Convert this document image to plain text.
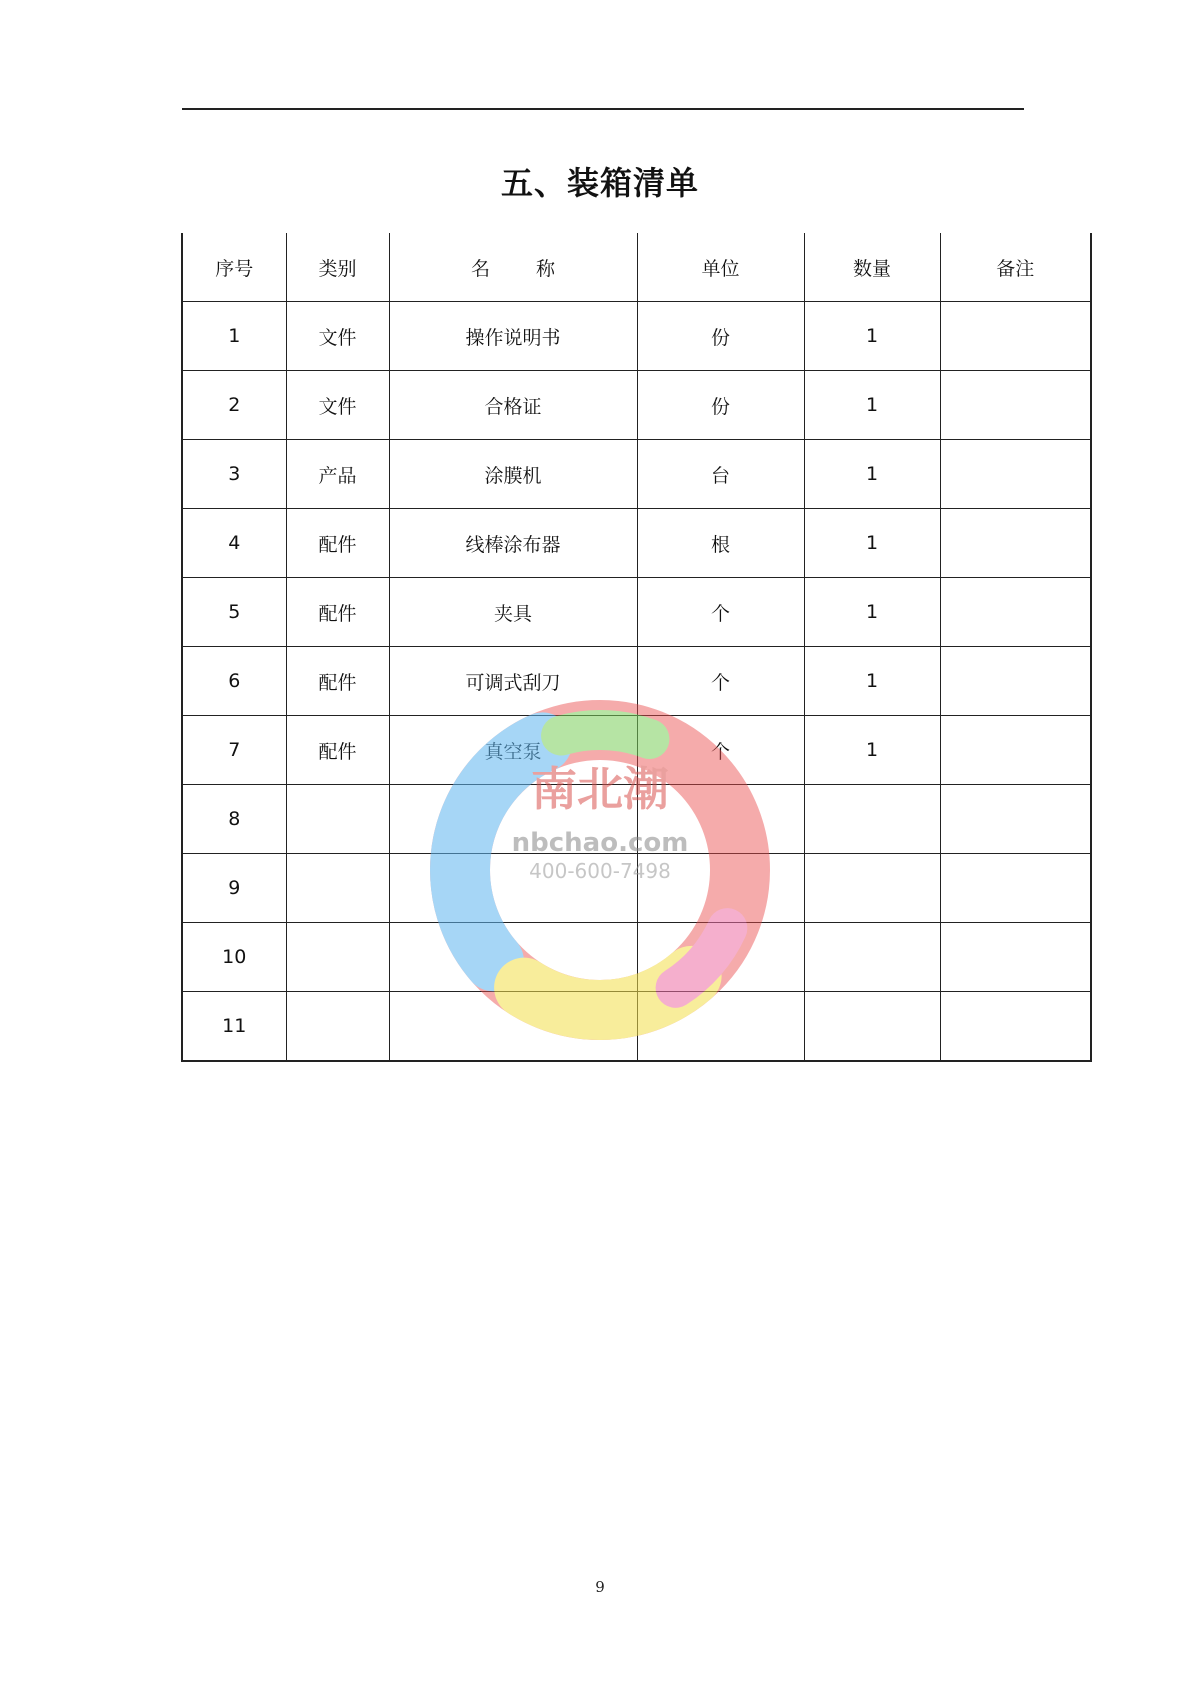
五、装箱清单
序号	类别	名 称	单位	数量	备注
1	文件	操作说明书	份	1	
2	文件	合格证	份	1	
3	产品	涂膜机	台	1	
4	配件	线棒涂布器	根	1	
5	配件	夹具	个	1	
6	配件	可调式刮刀	个	1	
7	配件	真空泵	个	1	
8					
9					
10					
11					
南北潮
nbchao.com
400-600-7498
9
